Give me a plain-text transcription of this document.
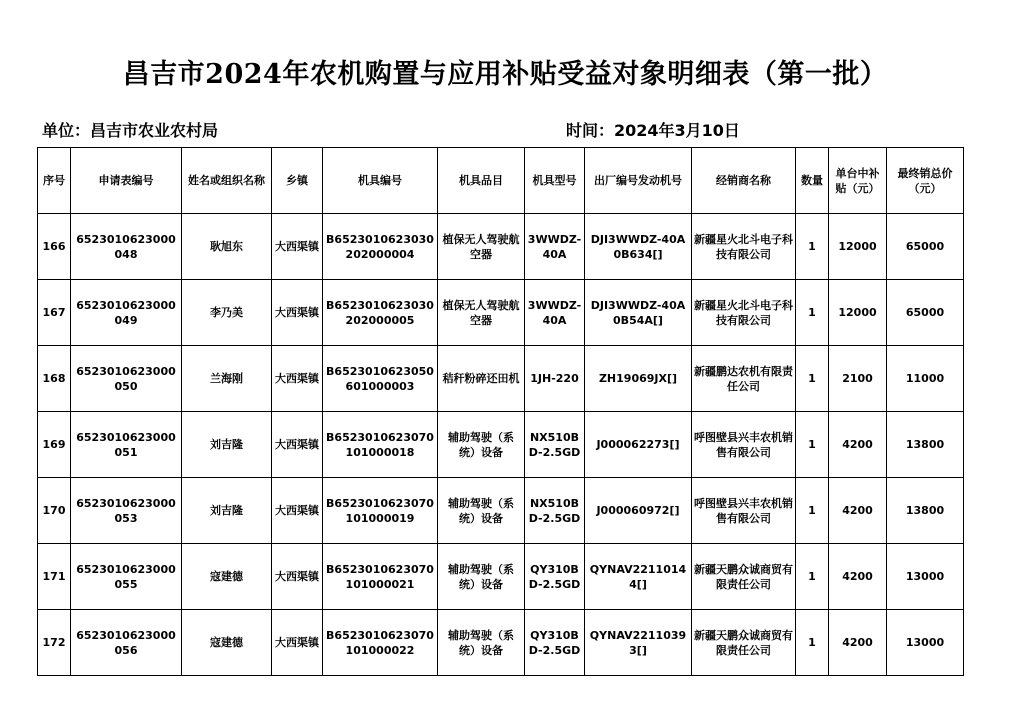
昌吉市2024年农机购置与应用补贴受益对象明细表（第一批）
单位：昌吉市农业农村局	时间：2024年3月10日
序号	申请表编号	姓名或组织名称	乡镇	机具编号	机具品目	机具型号	出厂编号发动机号	经销商名称	数量	单台中补贴（元）	最终销总价（元）
166	6523010623000048	耿旭东	大西渠镇	B6523010623030202000004	植保无人驾驶航空器	3WWDZ-40A	DJI3WWDZ-40A0B634[]	新疆星火北斗电子科技有限公司	1	12000	65000
167	6523010623000049	李乃美	大西渠镇	B6523010623030202000005	植保无人驾驶航空器	3WWDZ-40A	DJI3WWDZ-40A0B54A[]	新疆星火北斗电子科技有限公司	1	12000	65000
168	6523010623000050	兰海刚	大西渠镇	B6523010623050601000003	秸秆粉碎还田机	1JH-220	ZH19069JX[]	新疆鹏达农机有限责任公司	1	2100	11000
169	6523010623000051	刘吉隆	大西渠镇	B6523010623070101000018	辅助驾驶（系统）设备	NX510BD-2.5GD	J000062273[]	呼图壁县兴丰农机销售有限公司	1	4200	13800
170	6523010623000053	刘吉隆	大西渠镇	B6523010623070101000019	辅助驾驶（系统）设备	NX510BD-2.5GD	J000060972[]	呼图壁县兴丰农机销售有限公司	1	4200	13800
171	6523010623000055	寇建德	大西渠镇	B6523010623070101000021	辅助驾驶（系统）设备	QY310BD-2.5GD	QYNAV22110144[]	新疆天鹏众诚商贸有限责任公司	1	4200	13000
172	6523010623000056	寇建德	大西渠镇	B6523010623070101000022	辅助驾驶（系统）设备	QY310BD-2.5GD	QYNAV22110393[]	新疆天鹏众诚商贸有限责任公司	1	4200	13000
